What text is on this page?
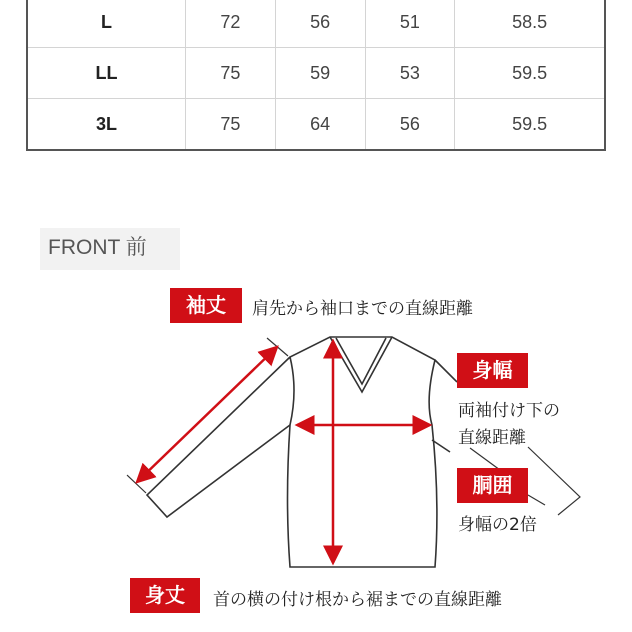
L	72	56	51	58.5
LL	75	59	53	59.5
3L	75	64	56	59.5
FRONT 前
袖丈	肩先から袖口までの直線距離
身幅
両袖付け下の
直線距離
胴囲
身幅の2倍
身丈	首の横の付け根から裾までの直線距離
